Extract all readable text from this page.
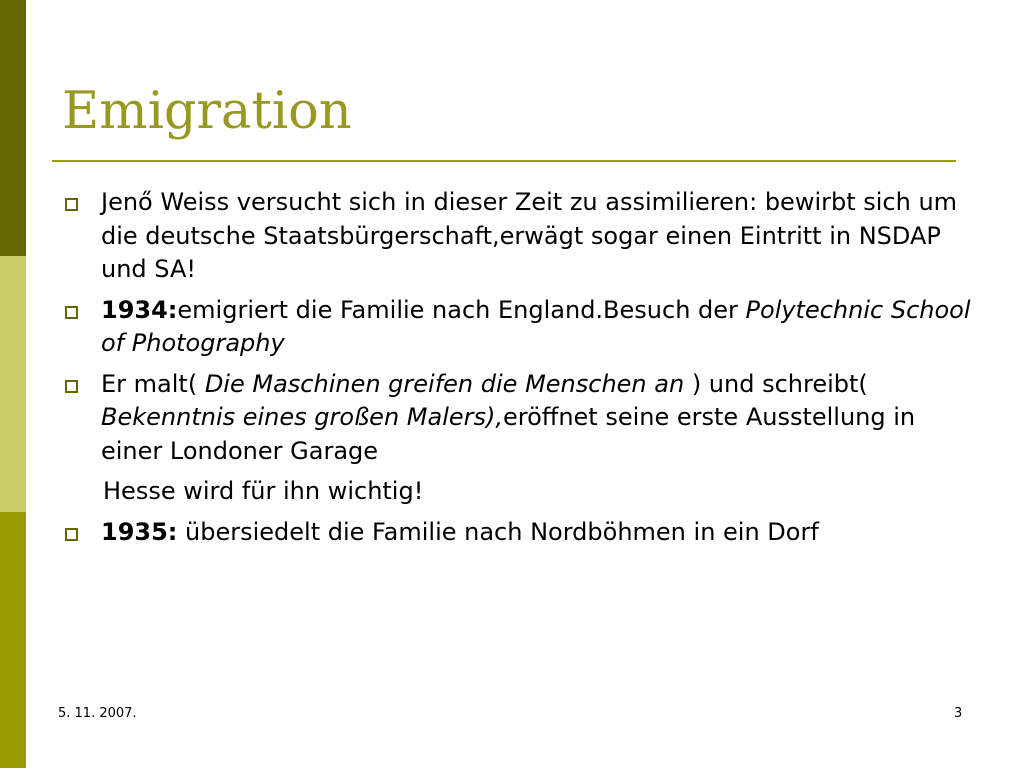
Emigration
Jenő Weiss versucht sich in dieser Zeit zu assimilieren: bewirbt sich um die deutsche Staatsbürgerschaft,erwägt sogar einen Eintritt in NSDAP und SA!
1934:emigriert die Familie nach England.Besuch der Polytechnic School of Photography
Er malt( Die Maschinen greifen die Menschen an ) und schreibt( Bekenntnis eines großen Malers),eröffnet seine erste Ausstellung in einer Londoner Garage
Hesse wird für ihn wichtig!
1935: übersiedelt die Familie nach Nordböhmen in ein Dorf
5. 11. 2007.	3
